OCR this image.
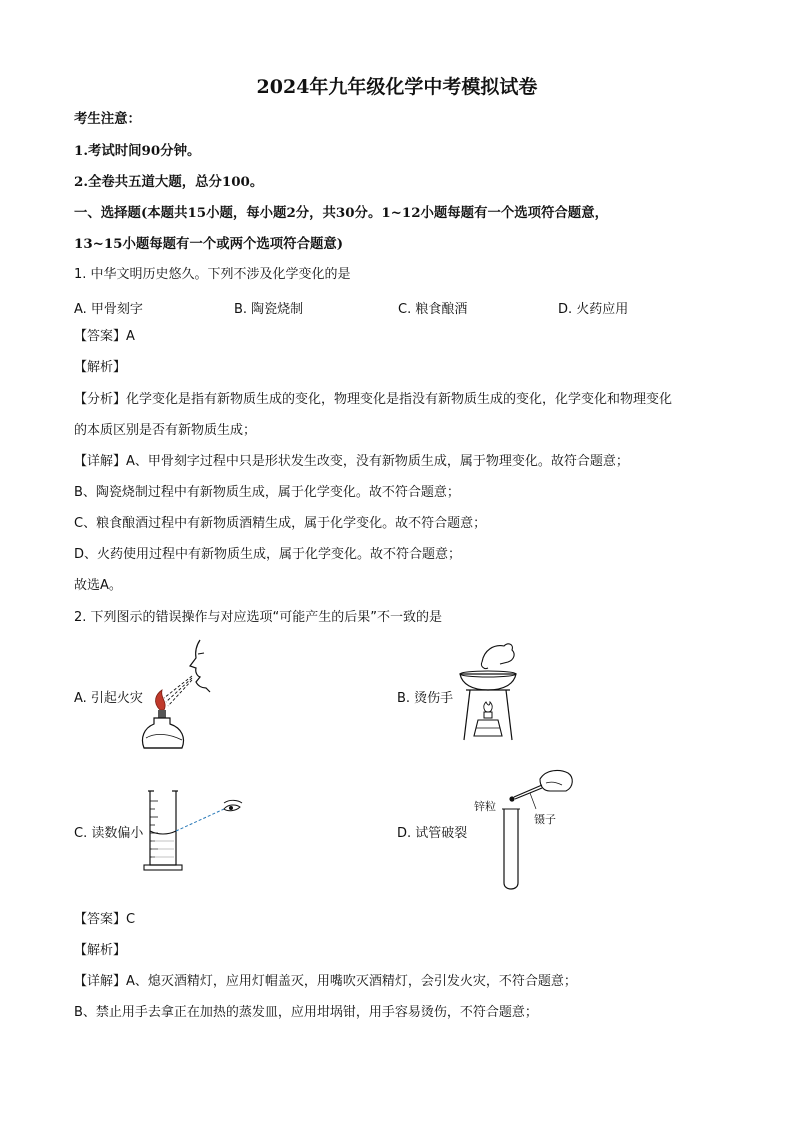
2024年九年级化学中考模拟试卷
考生注意：
1.考试时间90分钟。
2.全卷共五道大题，总分100。
一、选择题(本题共15小题，每小题2分，共30分。1~12小题每题有一个选项符合题意，
13~15小题每题有一个或两个选项符合题意)
1. 中华文明历史悠久。下列不涉及化学变化的是
A. 甲骨刻字	B. 陶瓷烧制	C. 粮食酿酒	D. 火药应用
【答案】A
【解析】
【分析】化学变化是指有新物质生成的变化，物理变化是指没有新物质生成的变化，化学变化和物理变化
的本质区别是否有新物质生成；
【详解】A、甲骨刻字过程中只是形状发生改变，没有新物质生成，属于物理变化。故符合题意；
B、陶瓷烧制过程中有新物质生成，属于化学变化。故不符合题意；
C、粮食酿酒过程中有新物质酒精生成，属于化学变化。故不符合题意；
D、火药使用过程中有新物质生成，属于化学变化。故不符合题意；
故选A。
2. 下列图示的错误操作与对应选项“可能产生的后果”不一致的是
A. 引起火灾	B. 烫伤手
C. 读数偏小	D. 试管破裂
锌粒
镊子
【答案】C
【解析】
【详解】A、熄灭酒精灯，应用灯帽盖灭，用嘴吹灭酒精灯，会引发火灾，不符合题意；
B、禁止用手去拿正在加热的蒸发皿，应用坩埚钳，用手容易烫伤，不符合题意；
